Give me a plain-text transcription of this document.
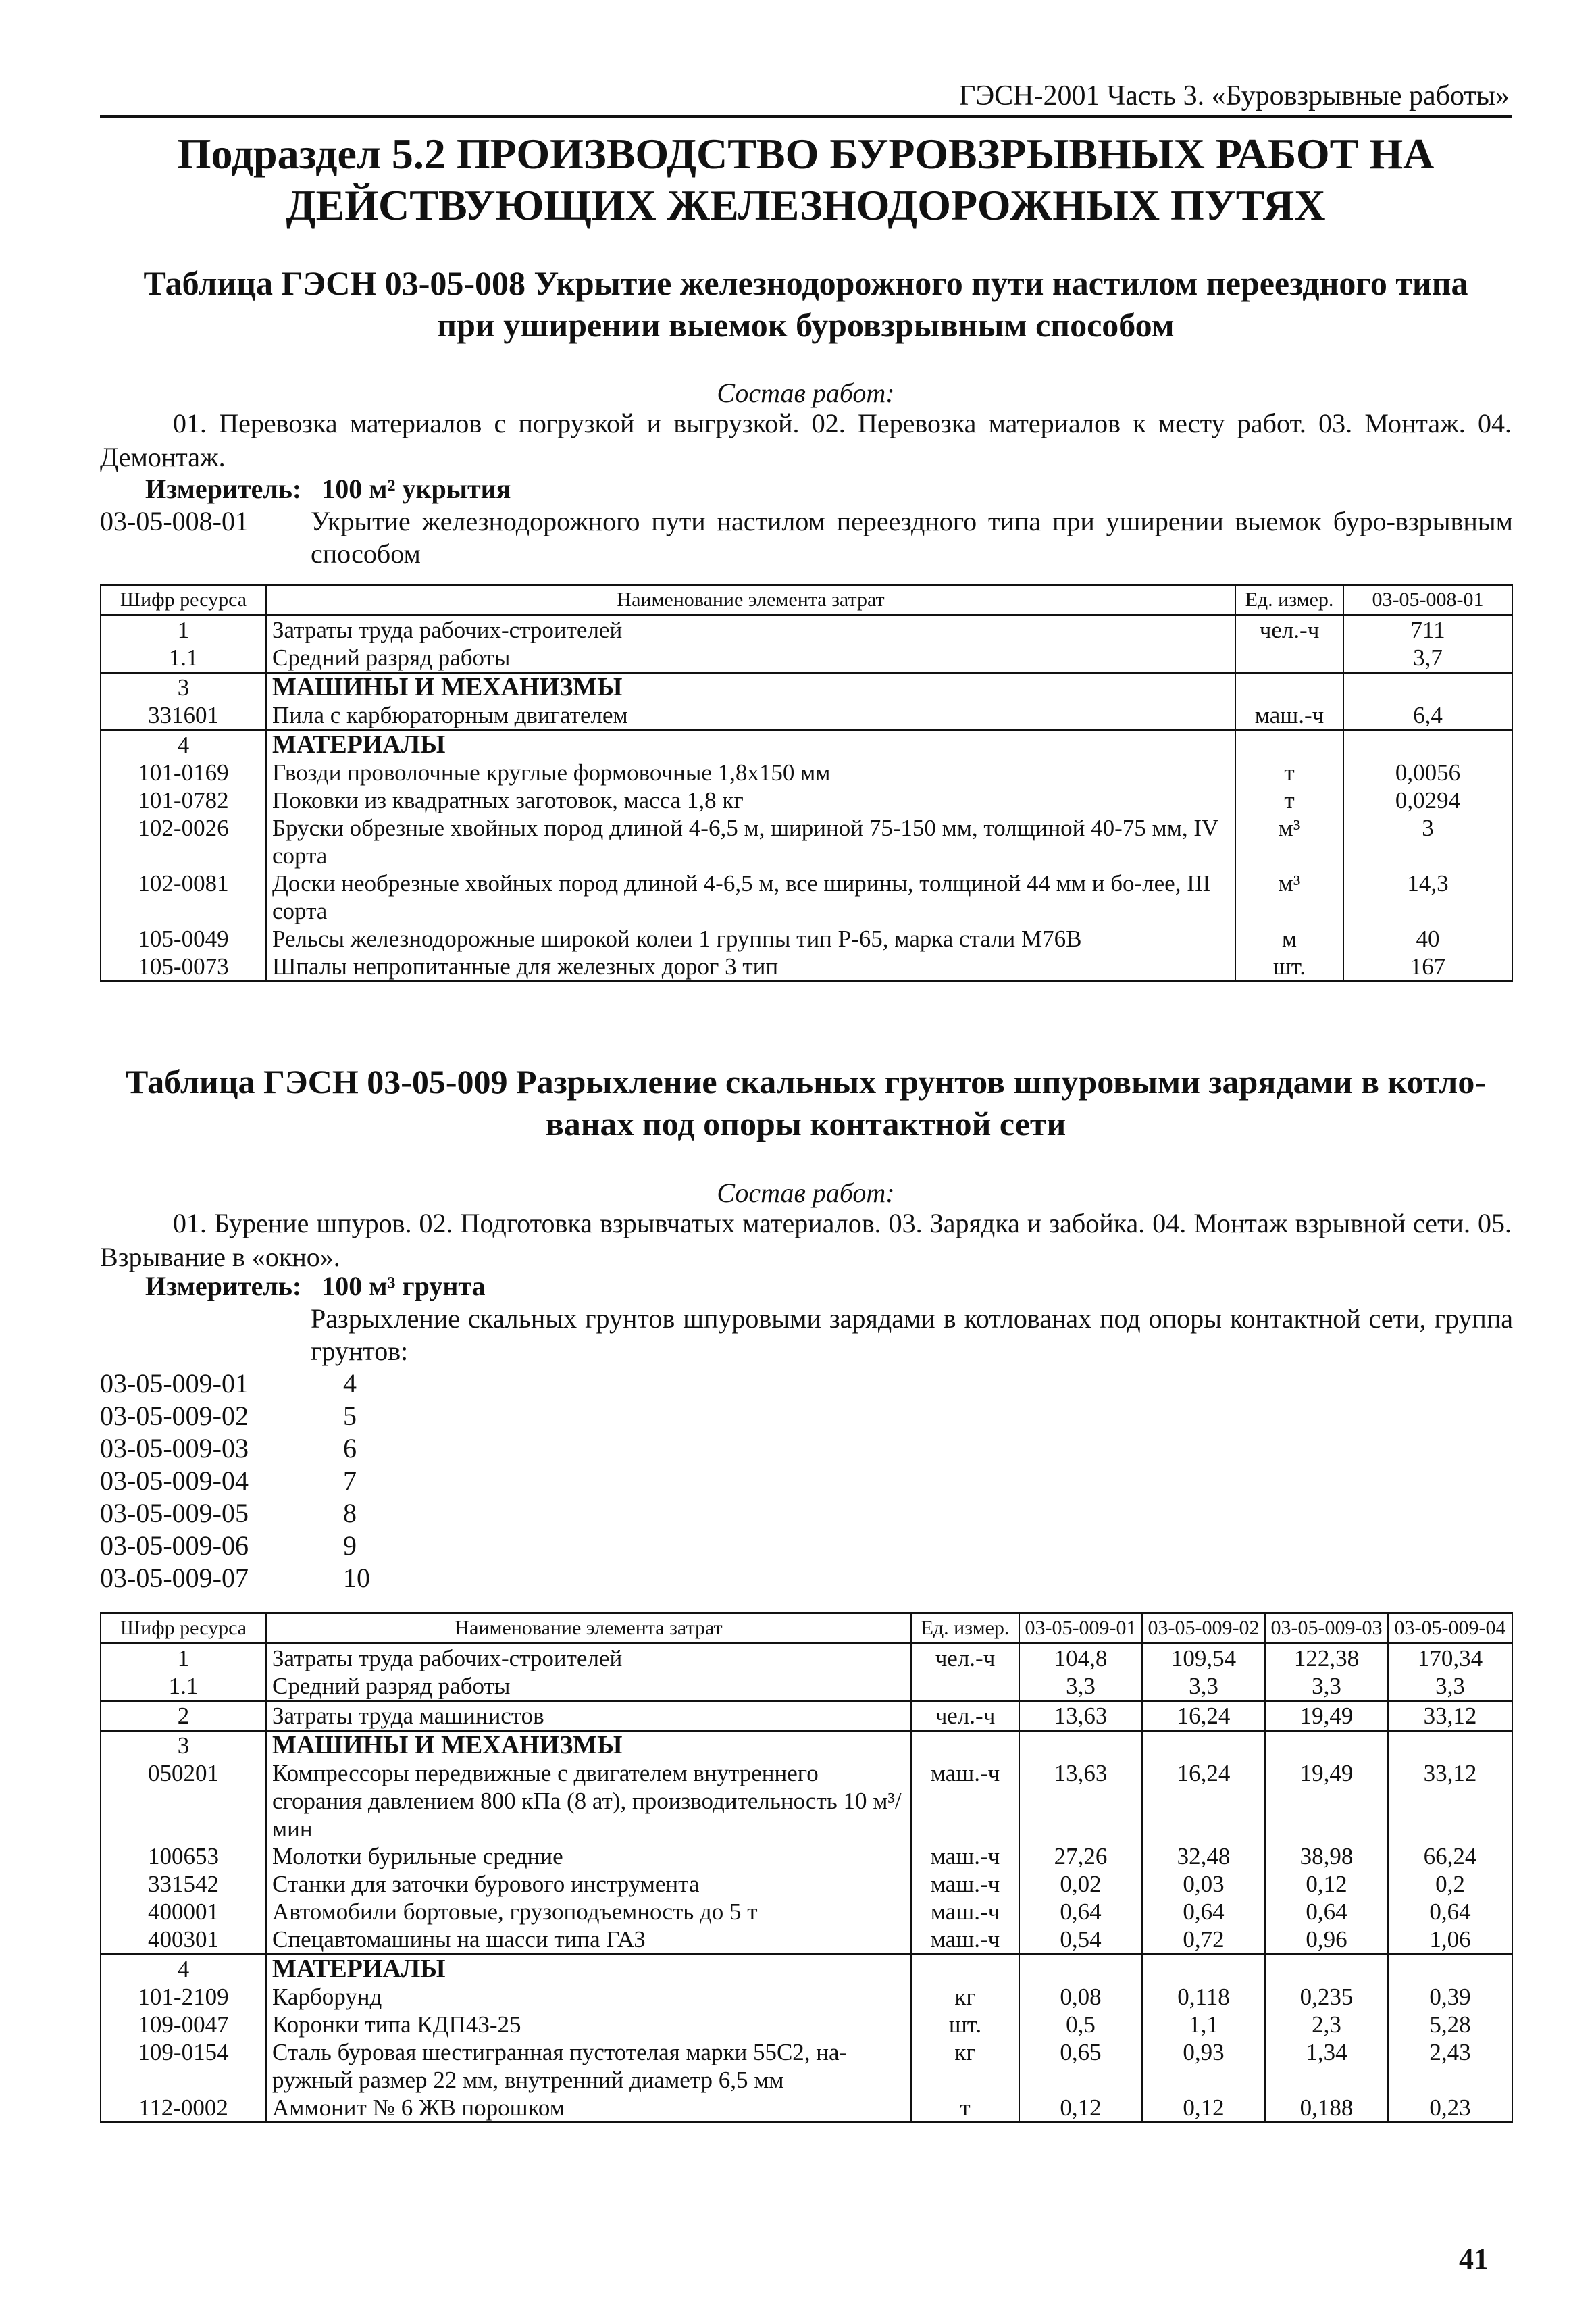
ГЭСН-2001 Часть 3. «Буровзрывные работы»
Подраздел 5.2 ПРОИЗВОДСТВО БУРОВЗРЫВНЫХ РАБОТ НА
ДЕЙСТВУЮЩИХ ЖЕЛЕЗНОДОРОЖНЫХ ПУТЯХ
Таблица ГЭСН 03-05-008 Укрытие железнодорожного пути настилом переездного типа
при уширении выемок буровзрывным способом
Состав работ:
01. Перевозка материалов с погрузкой и выгрузкой. 02. Перевозка материалов к месту работ. 03. Монтаж. 04. Демонтаж.
Измеритель: 100 м² укрытия
03-05-008-01 Укрытие железнодорожного пути настилом переездного типа при уширении выемок буро-взрывным способом
Шифр ресурса	Наименование элемента затрат	Ед. измер.	03-05-008-01
1	Затраты труда рабочих-строителей	чел.-ч	711
1.1	Средний разряд работы		3,7
3	МАШИНЫ И МЕХАНИЗМЫ		
331601	Пила с карбюраторным двигателем	маш.-ч	6,4
4	МАТЕРИАЛЫ		
101-0169	Гвозди проволочные круглые формовочные 1,8х150 мм	т	0,0056
101-0782	Поковки из квадратных заготовок, масса 1,8 кг	т	0,0294
102-0026	Бруски обрезные хвойных пород длиной 4-6,5 м, шириной 75-150 мм, толщиной 40-75 мм, IV сорта	м³	3
102-0081	Доски необрезные хвойных пород длиной 4-6,5 м, все ширины, толщиной 44 мм и бо-лее, III сорта	м³	14,3
105-0049	Рельсы железнодорожные широкой колеи 1 группы тип Р-65, марка стали М76В	м	40
105-0073	Шпалы непропитанные для железных дорог 3 тип	шт.	167
Таблица ГЭСН 03-05-009 Разрыхление скальных грунтов шпуровыми зарядами в котло-
ванах под опоры контактной сети
Состав работ:
01. Бурение шпуров. 02. Подготовка взрывчатых материалов. 03. Зарядка и забойка. 04. Монтаж взрывной сети. 05. Взрывание в «окно».
Измеритель: 100 м³ грунта
Разрыхление скальных грунтов шпуровыми зарядами в котлованах под опоры контактной сети, группа грунтов:
03-05-009-01	4
03-05-009-02	5
03-05-009-03	6
03-05-009-04	7
03-05-009-05	8
03-05-009-06	9
03-05-009-07	10
Шифр ресурса	Наименование элемента затрат	Ед. измер.	03-05-009-01	03-05-009-02	03-05-009-03	03-05-009-04
1	Затраты труда рабочих-строителей	чел.-ч	104,8	109,54	122,38	170,34
1.1	Средний разряд работы		3,3	3,3	3,3	3,3
2	Затраты труда машинистов	чел.-ч	13,63	16,24	19,49	33,12
3	МАШИНЫ И МЕХАНИЗМЫ					
050201	Компрессоры передвижные с двигателем внутреннего сгорания давлением 800 кПа (8 ат), производительность 10 м³/мин	маш.-ч	13,63	16,24	19,49	33,12
100653	Молотки бурильные средние	маш.-ч	27,26	32,48	38,98	66,24
331542	Станки для заточки бурового инструмента	маш.-ч	0,02	0,03	0,12	0,2
400001	Автомобили бортовые, грузоподъемность до 5 т	маш.-ч	0,64	0,64	0,64	0,64
400301	Спецавтомашины на шасси типа ГАЗ	маш.-ч	0,54	0,72	0,96	1,06
4	МАТЕРИАЛЫ					
101-2109	Карборунд	кг	0,08	0,118	0,235	0,39
109-0047	Коронки типа КДП43-25	шт.	0,5	1,1	2,3	5,28
109-0154	Сталь буровая шестигранная пустотелая марки 55С2, на-ружный размер 22 мм, внутренний диаметр 6,5 мм	кг	0,65	0,93	1,34	2,43
112-0002	Аммонит № 6 ЖВ порошком	т	0,12	0,12	0,188	0,23
41
